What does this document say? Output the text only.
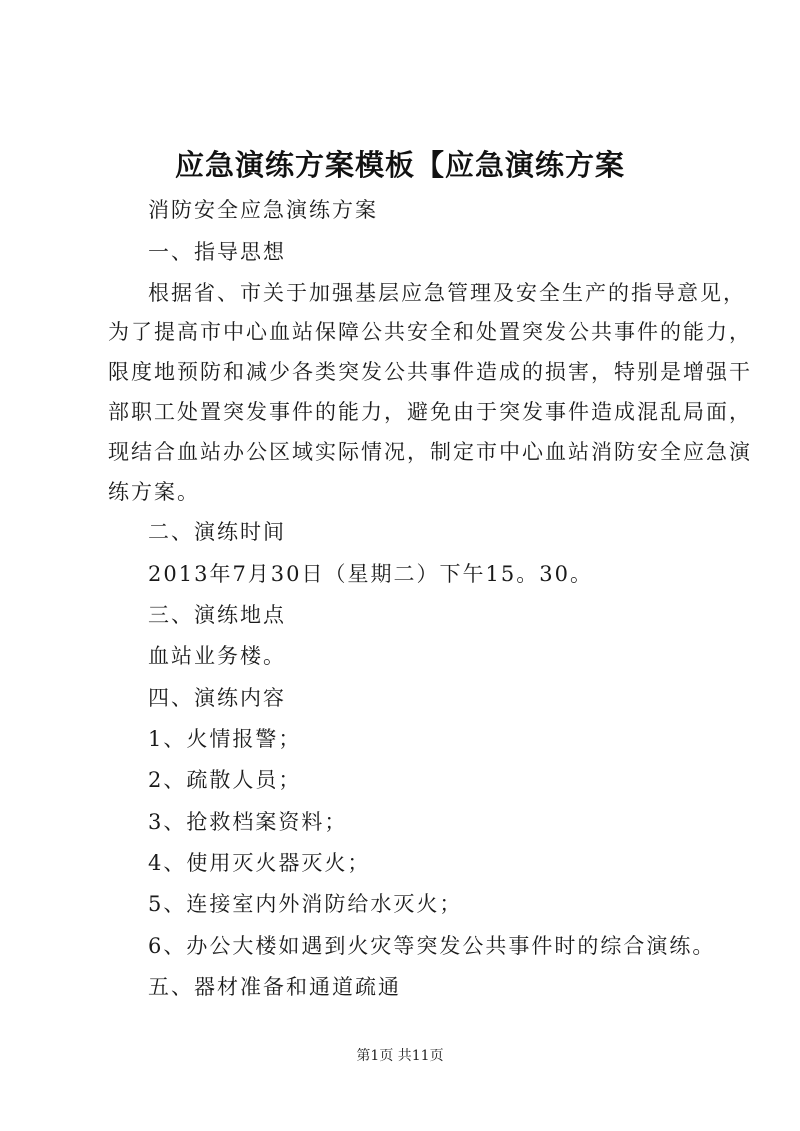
应急演练方案模板【应急演练方案
消防安全应急演练方案
一、指导思想
根据省、市关于加强基层应急管理及安全生产的指导意见，
为了提高市中心血站保障公共安全和处置突发公共事件的能力，
限度地预防和减少各类突发公共事件造成的损害，特别是增强干
部职工处置突发事件的能力，避免由于突发事件造成混乱局面，
现结合血站办公区域实际情况，制定市中心血站消防安全应急演
练方案。
二、演练时间
2013年7月30日（星期二）下午15。30。
三、演练地点
血站业务楼。
四、演练内容
1、火情报警；
2、疏散人员；
3、抢救档案资料；
4、使用灭火器灭火；
5、连接室内外消防给水灭火；
6、办公大楼如遇到火灾等突发公共事件时的综合演练。
五、器材准备和通道疏通
第1页 共11页
